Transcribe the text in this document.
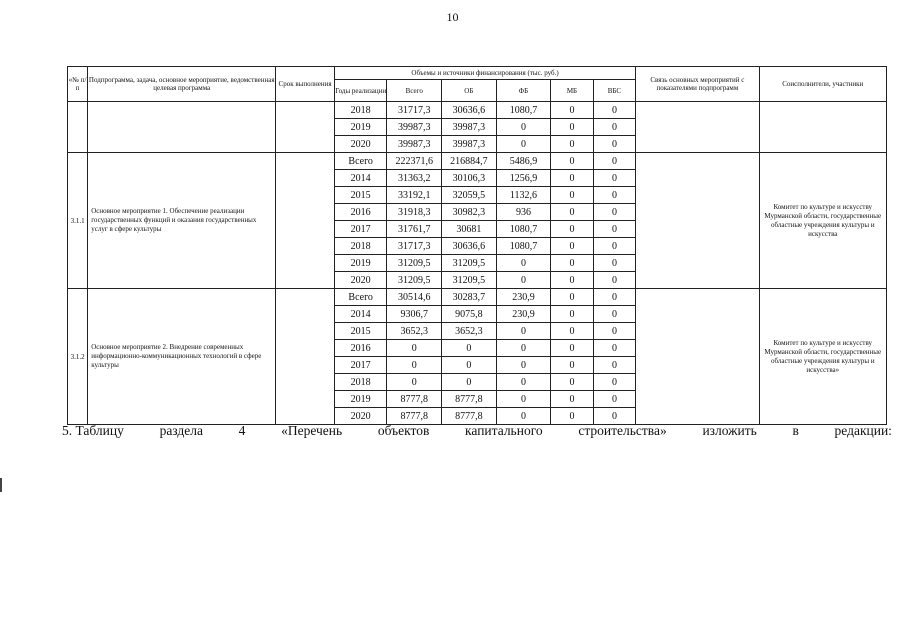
10
«№ п/п	Подпрограмма, задача, основное мероприятие, ведомственная целевая программа	Срок выполнения	Объемы и источники финансирования (тыс. руб.)						Связь основных мероприятий с показателями подпрограмм	Соисполнители, участники
			Годы реализации	Всего	ОБ	ФБ	МБ	ВБС		
			2018	31717,3	30636,6	1080,7	0	0		
			2019	39987,3	39987,3	0	0	0		
			2020	39987,3	39987,3	0	0	0		
3.1.1	Основное мероприятие 1. Обеспечение реализации государственных функций и оказания государственных услуг в сфере культуры		Всего	222371,6	216884,7	5486,9	0	0		Комитет по культуре и искусству Мурманской области, государственные областные учреждения культуры и искусства
			2014	31363,2	30106,3	1256,9	0	0		
			2015	33192,1	32059,5	1132,6	0	0		
			2016	31918,3	30982,3	936	0	0		
			2017	31761,7	30681	1080,7	0	0		
			2018	31717,3	30636,6	1080,7	0	0		
			2019	31209,5	31209,5	0	0	0		
			2020	31209,5	31209,5	0	0	0		
3.1.2	Основное мероприятие 2. Внедрение современных информационно-коммуникационных технологий в сфере культуры		Всего	30514,6	30283,7	230,9	0	0		Комитет по культуре и искусству Мурманской области, государственные областные учреждения культуры и искусства»
			2014	9306,7	9075,8	230,9	0	0		
			2015	3652,3	3652,3	0	0	0		
			2016	0	0	0	0	0		
			2017	0	0	0	0	0		
			2018	0	0	0	0	0		
			2019	8777,8	8777,8	0	0	0		
			2020	8777,8	8777,8	0	0	0		
5. Таблицу	раздела	4	«Перечень	объектов	капитального	строительства»	изложить	в	редакции:
